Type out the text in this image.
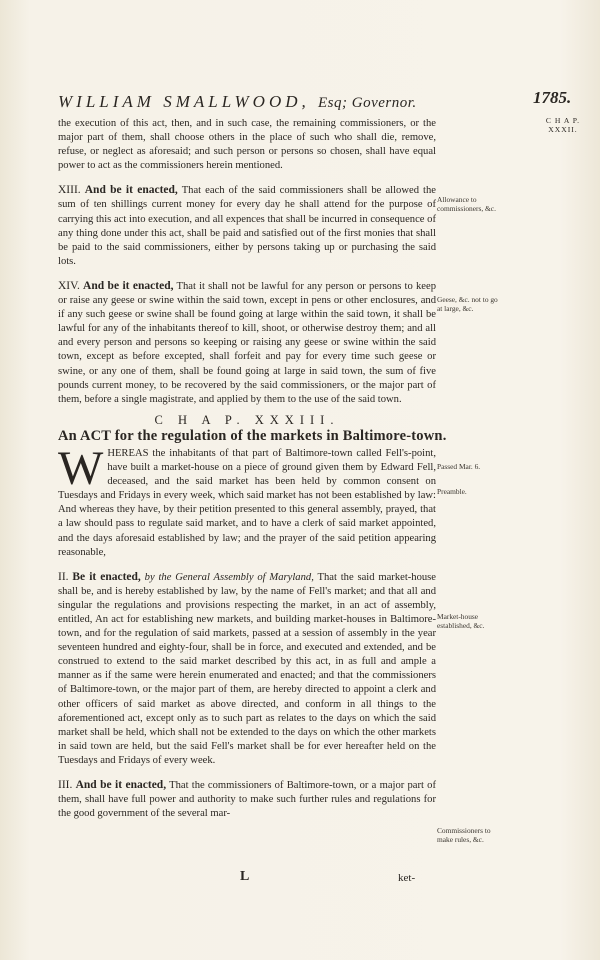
WILLIAM SMALLWOOD, Esq; Governor.	1785.
C H A P. XXXII.

the execution of this act, then, and in such case, the remaining commissioners, or the major part of them, shall choose others in the place of such who shall die, remove, refuse, or neglect as aforesaid; and such person or persons so chosen, shall have equal power to act as the commissioners herein mentioned.

XIII. And be it enacted, That each of the said commissioners shall be allowed the sum of ten shillings current money for every day he shall attend for the purpose of carrying this act into execution, and all expences that shall be incurred in consequence of any thing done under this act, shall be paid and satisfied out of the first monies that shall be paid to the said commissioners, either by persons taking up or purchasing the said lots.

XIV. And be it enacted, That it shall not be lawful for any person or persons to keep or raise any geese or swine within the said town, except in pens or other enclosures, and if any such geese or swine shall be found going at large within the said town, it shall be lawful for any of the inhabitants thereof to kill, shoot, or otherwise destroy them; and all and every person and persons so keeping or raising any geese or swine within the said town, except as before excepted, shall forfeit and pay for every time such geese or swine, or any one of them, shall be found going at large in said town, the sum of five pounds current money, to be recovered by the said commissioners, or the major part of them, before a single magistrate, and applied by them to the use of the said town.

C H A P. XXXIII.
An ACT for the regulation of the markets in Baltimore-town.

W HEREAS the inhabitants of that part of Baltimore-town called Fell's-point, have built a market-house on a piece of ground given them by Edward Fell, deceased, and the said market has been held by common consent on Tuesdays and Fridays in every week, which said market has not been established by law: And whereas they have, by their petition presented to this general assembly, prayed, that a law should pass to regulate said market, and to have a clerk of said market appointed, and the days aforesaid established by law; and the prayer of the said petition appearing reasonable,

II. Be it enacted, by the General Assembly of Maryland, That the said market-house shall be, and is hereby established by law, by the name of Fell's market; and that all and singular the regulations and provisions respecting the market, in an act of assembly, entitled, An act for establishing new markets, and building market-houses in Baltimore-town, and for the regulation of said markets, passed at a session of assembly in the year seventeen hundred and eighty-four, shall be in force, and executed and extended, and be construed to extend to the said market described by this act, in as full and ample a manner as if the same were herein enumerated and enacted; and that the commissioners of Baltimore-town, or the major part of them, are hereby directed to appoint a clerk and other officers of said market as above directed, and conform in all things to the aforementioned act, except only as to such part as relates to the days on which the said market shall be held, which shall not be extended to the days on which the other markets in said town are held, but the said Fell's market shall be for ever hereafter held on the Tuesdays and Fridays of every week.

III. And be it enacted, That the commissioners of Baltimore-town, or a major part of them, shall have full power and authority to make such further rules and regulations for the good government of the several mar-

Allowance to commissioners, &c.
Geese, &c. not to go at large, &c.
Passed Mar. 6.
Preamble.
Market-house established, &c.
Commissioners to make rules, &c.
L	ket-
